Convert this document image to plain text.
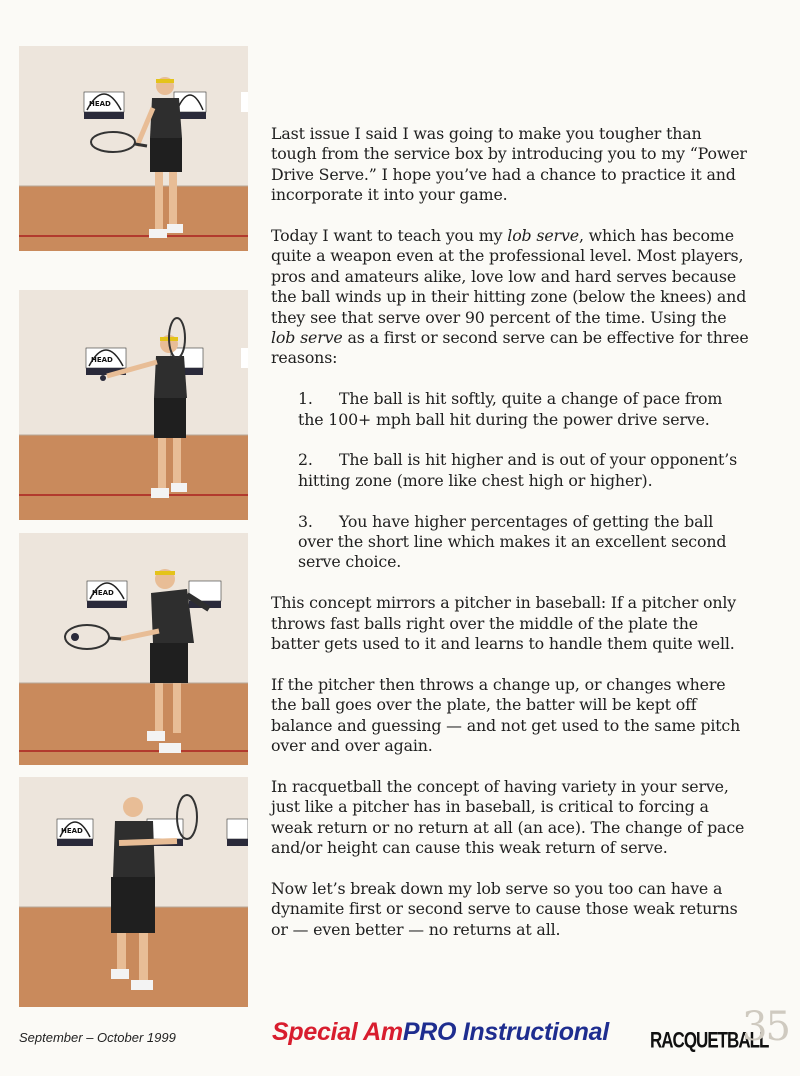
HEAD
HEAD
HEAD
HEAD

Last issue I said I was going to make you tougher than tough from the service box by introducing you to my “Power Drive Serve.” I hope you’ve had a chance to practice it and incorporate it into your game.

Today I want to teach you my lob serve, which has become quite a weapon even at the professional level. Most players, pros and amateurs alike, love low and hard serves because the ball winds up in their hitting zone (below the knees) and they see that serve over 90 percent of the time. Using the lob serve as a first or second serve can be effective for three reasons:

1. The ball is hit softly, quite a change of pace from the 100+ mph ball hit during the power drive serve.
2. The ball is hit higher and is out of your opponent’s hitting zone (more like chest high or higher).
3. You have higher percentages of getting the ball over the short line which makes it an excellent second serve choice.

This concept mirrors a pitcher in baseball: If a pitcher only throws fast balls right over the middle of the plate the batter gets used to it and learns to handle them quite well.

If the pitcher then throws a change up, or changes where the ball goes over the plate, the batter will be kept off balance and guessing — and not get used to the same pitch over and over again.

In racquetball the concept of having variety in your serve, just like a pitcher has in baseball, is critical to forcing a weak return or no return at all (an ace). The change of pace and/or height can cause this weak return of serve.

Now let’s break down my lob serve so you too can have a dynamite first or second serve to cause those weak returns or — even better — no returns at all.

September – October 1999	Special AmPRO Instructional RACQUETBALL
35
